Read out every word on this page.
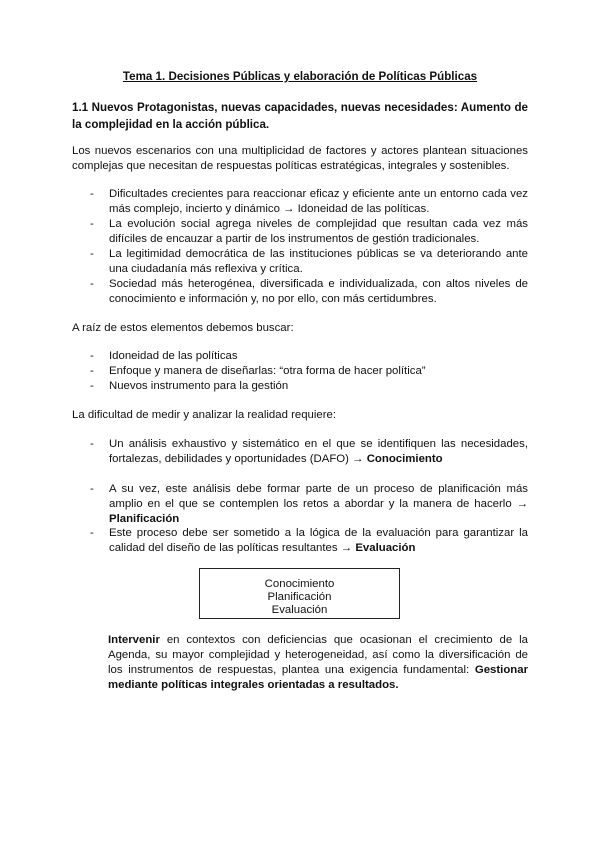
Tema 1. Decisiones Públicas y elaboración de Políticas Públicas
1.1 Nuevos Protagonistas, nuevas capacidades, nuevas necesidades: Aumento de la complejidad en la acción pública.
Los nuevos escenarios con una multiplicidad de factores y actores plantean situaciones complejas que necesitan de respuestas políticas estratégicas, integrales y sostenibles.
- Dificultades crecientes para reaccionar eficaz y eficiente ante un entorno cada vez más complejo, incierto y dinámico → Idoneidad de las políticas.
- La evolución social agrega niveles de complejidad que resultan cada vez más difíciles de encauzar a partir de los instrumentos de gestión tradicionales.
- La legitimidad democrática de las instituciones públicas se va deteriorando ante una ciudadanía más reflexiva y crítica.
- Sociedad más heterogénea, diversificada e individualizada, con altos niveles de conocimiento e información y, no por ello, con más certidumbres.
A raíz de estos elementos debemos buscar:
- Idoneidad de las políticas
- Enfoque y manera de diseñarlas: “otra forma de hacer política”
- Nuevos instrumento para la gestión
La dificultad de medir y analizar la realidad requiere:
- Un análisis exhaustivo y sistemático en el que se identifiquen las necesidades, fortalezas, debilidades y oportunidades (DAFO) → Conocimiento
- A su vez, este análisis debe formar parte de un proceso de planificación más amplio en el que se contemplen los retos a abordar y la manera de hacerlo → Planificación
- Este proceso debe ser sometido a la lógica de la evaluación para garantizar la calidad del diseño de las políticas resultantes → Evaluación
Conocimiento
Planificación
Evaluación
Intervenir en contextos con deficiencias que ocasionan el crecimiento de la Agenda, su mayor complejidad y heterogeneidad, así como la diversificación de los instrumentos de respuestas, plantea una exigencia fundamental: Gestionar mediante políticas integrales orientadas a resultados.
